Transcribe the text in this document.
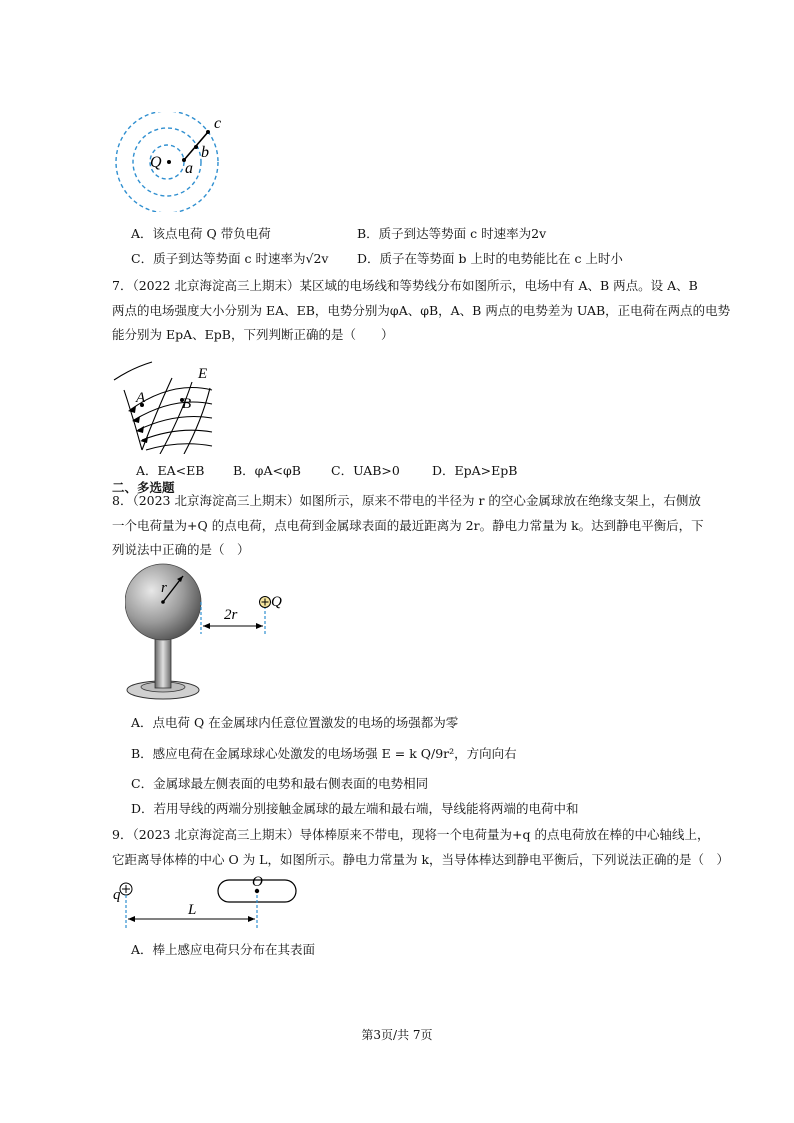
c
b
a
Q
A．该点电荷 Q 带负电荷	B．质子到达等势面 c 时速率为2v
C．质子到达等势面 c 时速率为√2v D．质子在等势面 b 上时的电势能比在 c 上时小
7．（2022 北京海淀高三上期末）某区域的电场线和等势线分布如图所示，电场中有 A、B 两点。设 A、B
两点的电场强度大小分别为 EA、EB，电势分别为φA、φB，A、B 两点的电势差为 UAB，正电荷在两点的电势
能分别为 EpA、EpB，下列判断正确的是（　　）
E
A B
A．EA<EB B．φA<φB C．UAB>0	D．EpA>EpB
二、多选题
8．（2023 北京海淀高三上期末）如图所示，原来不带电的半径为 r 的空心金属球放在绝缘支架上，右侧放
一个电荷量为+Q 的点电荷，点电荷到金属球表面的最近距离为 2r。静电力常量为 k。达到静电平衡后，下
列说法中正确的是（　）
r
2r
Q
A．点电荷 Q 在金属球内任意位置激发的电场的场强都为零
B．感应电荷在金属球球心处激发的电场场强 E = k Q/9r²，方向向右
C．金属球最左侧表面的电势和最右侧表面的电势相同
D．若用导线的两端分别接触金属球的最左端和最右端，导线能将两端的电荷中和
9．（2023 北京海淀高三上期末）导体棒原来不带电，现将一个电荷量为+q 的点电荷放在棒的中心轴线上，
它距离导体棒的中心 O 为 L，如图所示。静电力常量为 k，当导体棒达到静电平衡后，下列说法正确的是（　）
q
O
L
A．棒上感应电荷只分布在其表面
第3页/共 7页
